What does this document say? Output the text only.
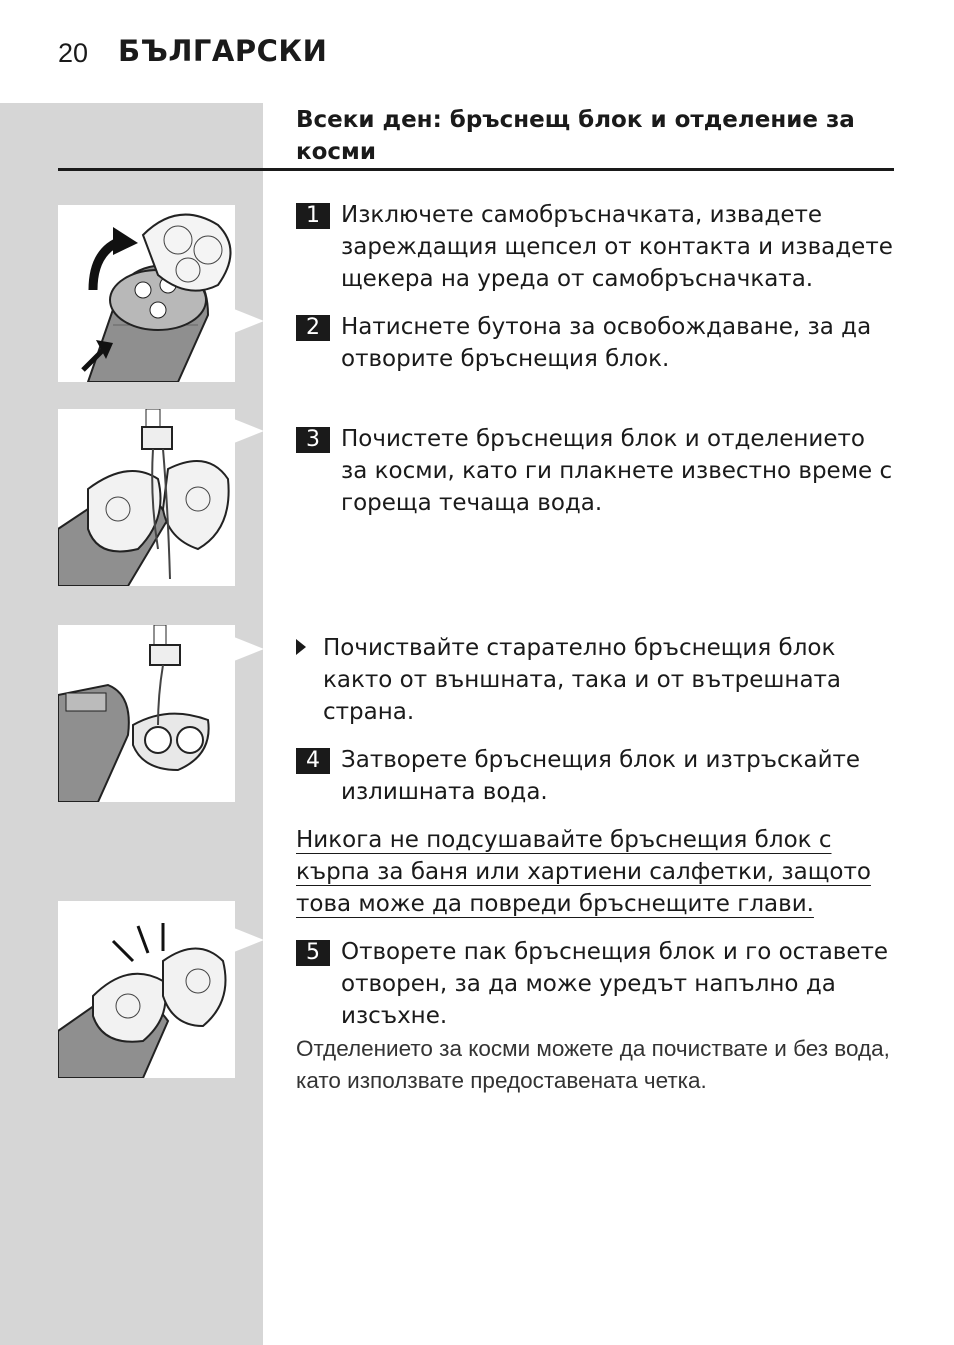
20 БЪЛГАРСКИ
Всеки ден: бръснещ блок и отделение за косми
1 Изключете самобръсначката, извадете зареждащия щепсел от контакта и извадете щекера на уреда от самобръсначката.
2 Натиснете бутона за освобождаване, за да отворите бръснещия блок.
3 Почистете бръснещия блок и отделението за косми, като ги плакнете известно време с гореща течаща вода.
Почиствайте старателно бръснещия блок както от външната, така и от вътрешната страна.
4 Затворете бръснещия блок и изтръскайте излишната вода.
Никога не подсушавайте бръснещия блок с кърпа за баня или хартиени салфетки, защото това може да повреди бръснещите глави.
5 Отворете пак бръснещия блок и го оставете отворен, за да може уредът напълно да изсъхне.
Отделението за косми можете да почиствате и без вода, като използвате предоставената четка.
